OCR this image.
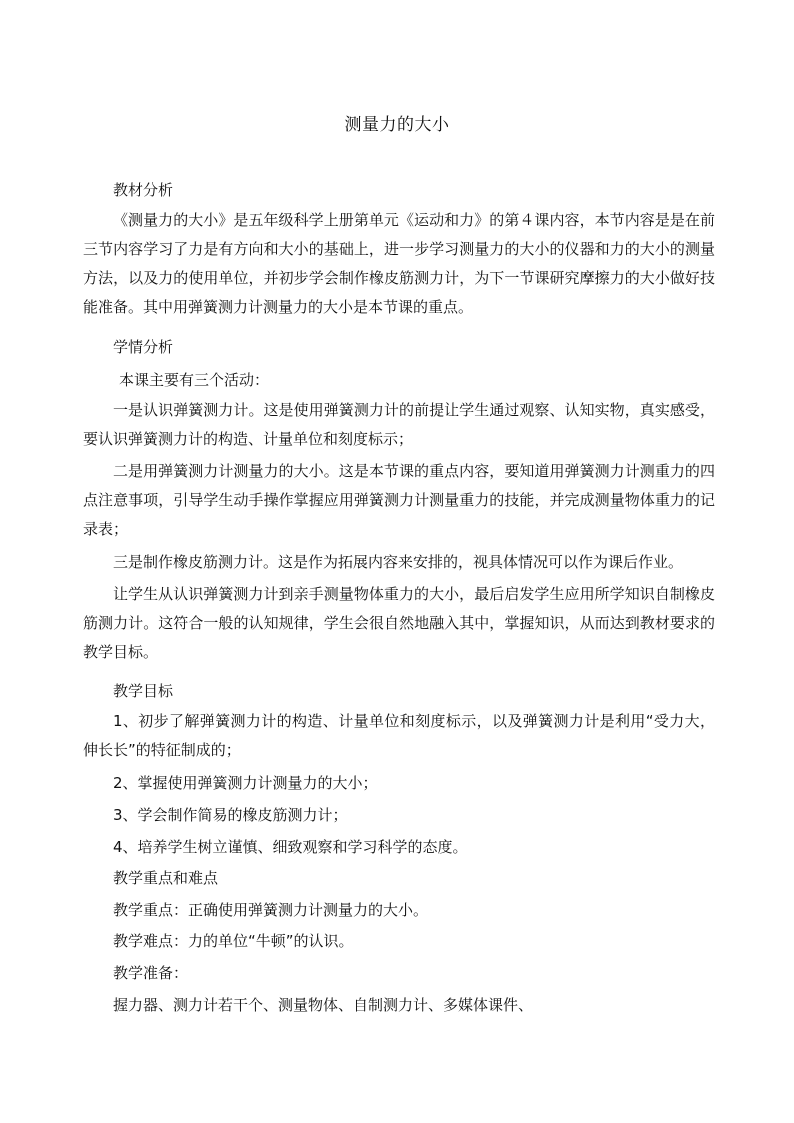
测量力的大小

教材分析

《测量力的大小》是五年级科学上册第单元《运动和力》的第４课内容，本节内容是是在前三节内容学习了力是有方向和大小的基础上，进一步学习测量力的大小的仪器和力的大小的测量方法，以及力的使用单位，并初步学会制作橡皮筋测力计，为下一节课研究摩擦力的大小做好技能准备。其中用弹簧测力计测量力的大小是本节课的重点。

学情分析

本课主要有三个活动：

一是认识弹簧测力计。这是使用弹簧测力计的前提让学生通过观察、认知实物，真实感受，要认识弹簧测力计的构造、计量单位和刻度标示；

二是用弹簧测力计测量力的大小。这是本节课的重点内容，要知道用弹簧测力计测重力的四点注意事项，引导学生动手操作掌握应用弹簧测力计测量重力的技能，并完成测量物体重力的记录表；

三是制作橡皮筋测力计。这是作为拓展内容来安排的，视具体情况可以作为课后作业。

让学生从认识弹簧测力计到亲手测量物体重力的大小，最后启发学生应用所学知识自制橡皮筋测力计。这符合一般的认知规律，学生会很自然地融入其中，掌握知识，从而达到教材要求的教学目标。

教学目标

1、初步了解弹簧测力计的构造、计量单位和刻度标示，以及弹簧测力计是利用“受力大，伸长长”的特征制成的；

2、掌握使用弹簧测力计测量力的大小；

3、学会制作简易的橡皮筋测力计；

4、培养学生树立谨慎、细致观察和学习科学的态度。

教学重点和难点

教学重点：正确使用弹簧测力计测量力的大小。

教学难点：力的单位“牛顿”的认识。

教学准备：

握力器、测力计若干个、测量物体、自制测力计、多媒体课件、
